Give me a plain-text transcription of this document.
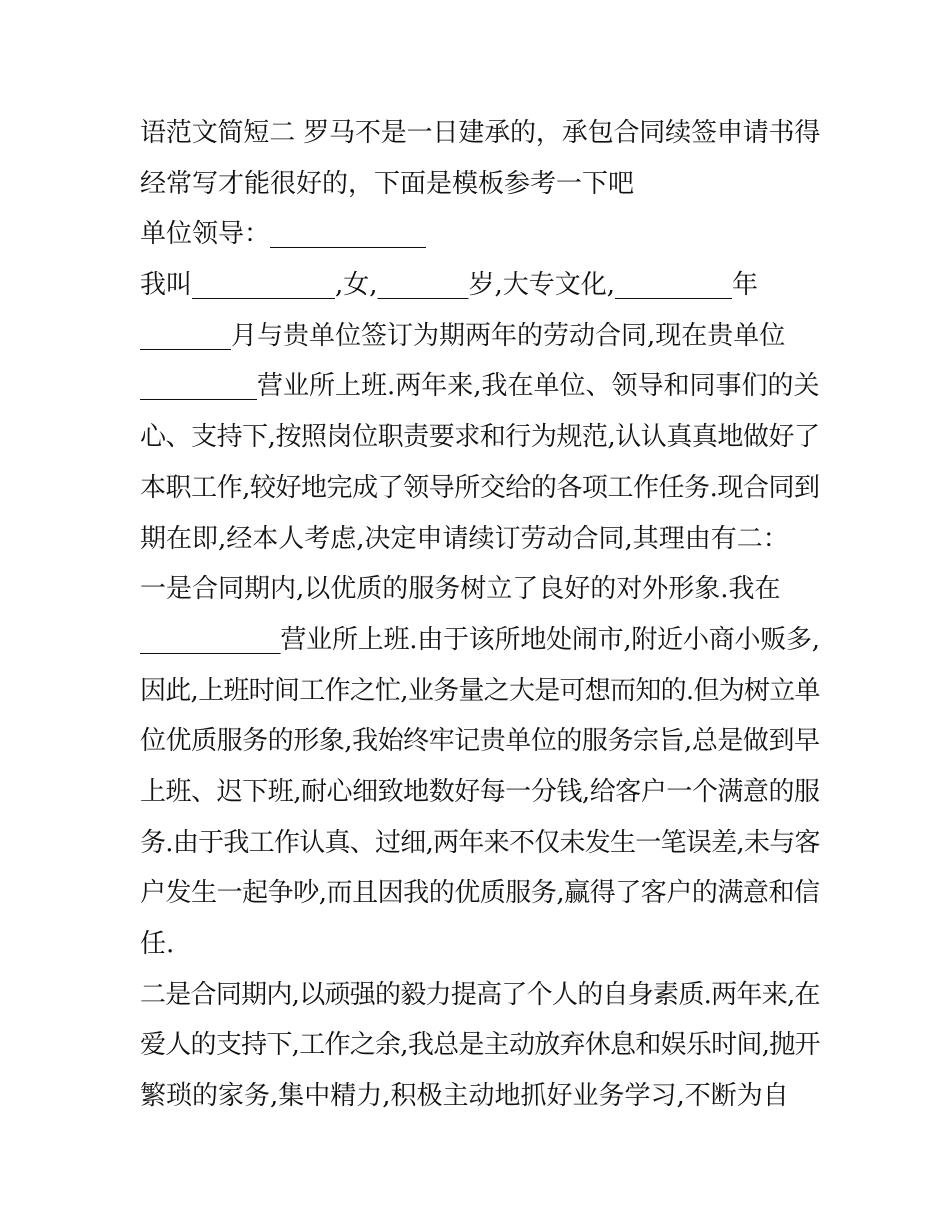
语范文简短二 罗马不是一日建承的，承包合同续签申请书得
经常写才能很好的，下面是模板参考一下吧
单位领导：____________
我叫___________,女,_______岁,大专文化,_________年
_______月与贵单位签订为期两年的劳动合同,现在贵单位
_________营业所上班.两年来,我在单位、领导和同事们的关
心、支持下,按照岗位职责要求和行为规范,认认真真地做好了
本职工作,较好地完成了领导所交给的各项工作任务.现合同到
期在即,经本人考虑,决定申请续订劳动合同,其理由有二：
一是合同期内,以优质的服务树立了良好的对外形象.我在
___________营业所上班.由于该所地处闹市,附近小商小贩多,
因此,上班时间工作之忙,业务量之大是可想而知的.但为树立单
位优质服务的形象,我始终牢记贵单位的服务宗旨,总是做到早
上班、迟下班,耐心细致地数好每一分钱,给客户一个满意的服
务.由于我工作认真、过细,两年来不仅未发生一笔误差,未与客
户发生一起争吵,而且因我的优质服务,赢得了客户的满意和信
任.
二是合同期内,以顽强的毅力提高了个人的自身素质.两年来,在
爱人的支持下,工作之余,我总是主动放弃休息和娱乐时间,抛开
繁琐的家务,集中精力,积极主动地抓好业务学习,不断为自
